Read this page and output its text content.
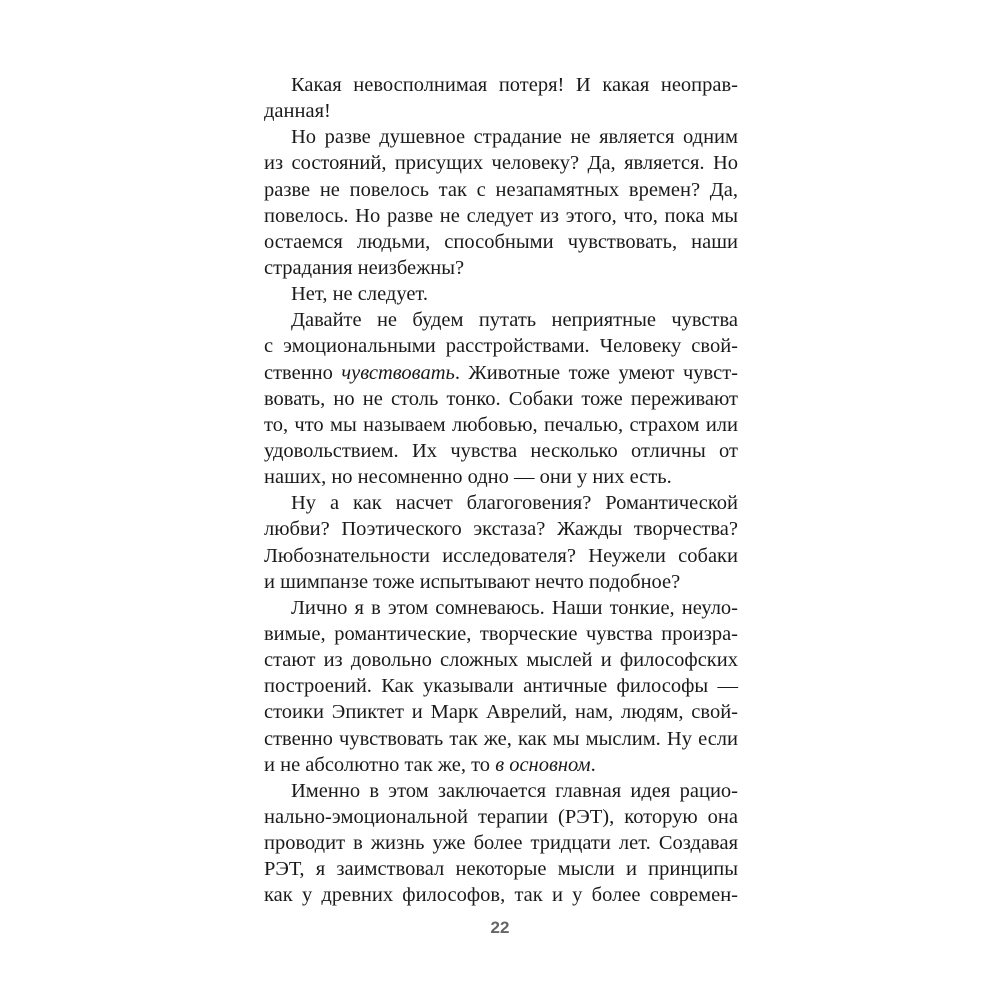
Какая невосполнимая потеря! И какая неоправ-
данная!
Но разве душевное страдание не является одним
из состояний, присущих человеку? Да, является. Но
разве не повелось так с незапамятных времен? Да,
повелось. Но разве не следует из этого, что, пока мы
остаемся людьми, способными чувствовать, наши
страдания неизбежны?
Нет, не следует.
Давайте не будем путать неприятные чувства
с эмоциональными расстройствами. Человеку свой-
ственно чувствовать. Животные тоже умеют чувст-
вовать, но не столь тонко. Собаки тоже переживают
то, что мы называем любовью, печалью, страхом или
удовольствием. Их чувства несколько отличны от
наших, но несомненно одно — они у них есть.
Ну а как насчет благоговения? Романтической
любви? Поэтического экстаза? Жажды творчества?
Любознательности исследователя? Неужели собаки
и шимпанзе тоже испытывают нечто подобное?
Лично я в этом сомневаюсь. Наши тонкие, неуло-
вимые, романтические, творческие чувства произра-
стают из довольно сложных мыслей и философских
построений. Как указывали античные философы —
стоики Эпиктет и Марк Аврелий, нам, людям, свой-
ственно чувствовать так же, как мы мыслим. Ну если
и не абсолютно так же, то в основном.
Именно в этом заключается главная идея рацио-
нально-эмоциональной терапии (РЭТ), которую она
проводит в жизнь уже более тридцати лет. Создавая
РЭТ, я заимствовал некоторые мысли и принципы
как у древних философов, так и у более современ-
22
